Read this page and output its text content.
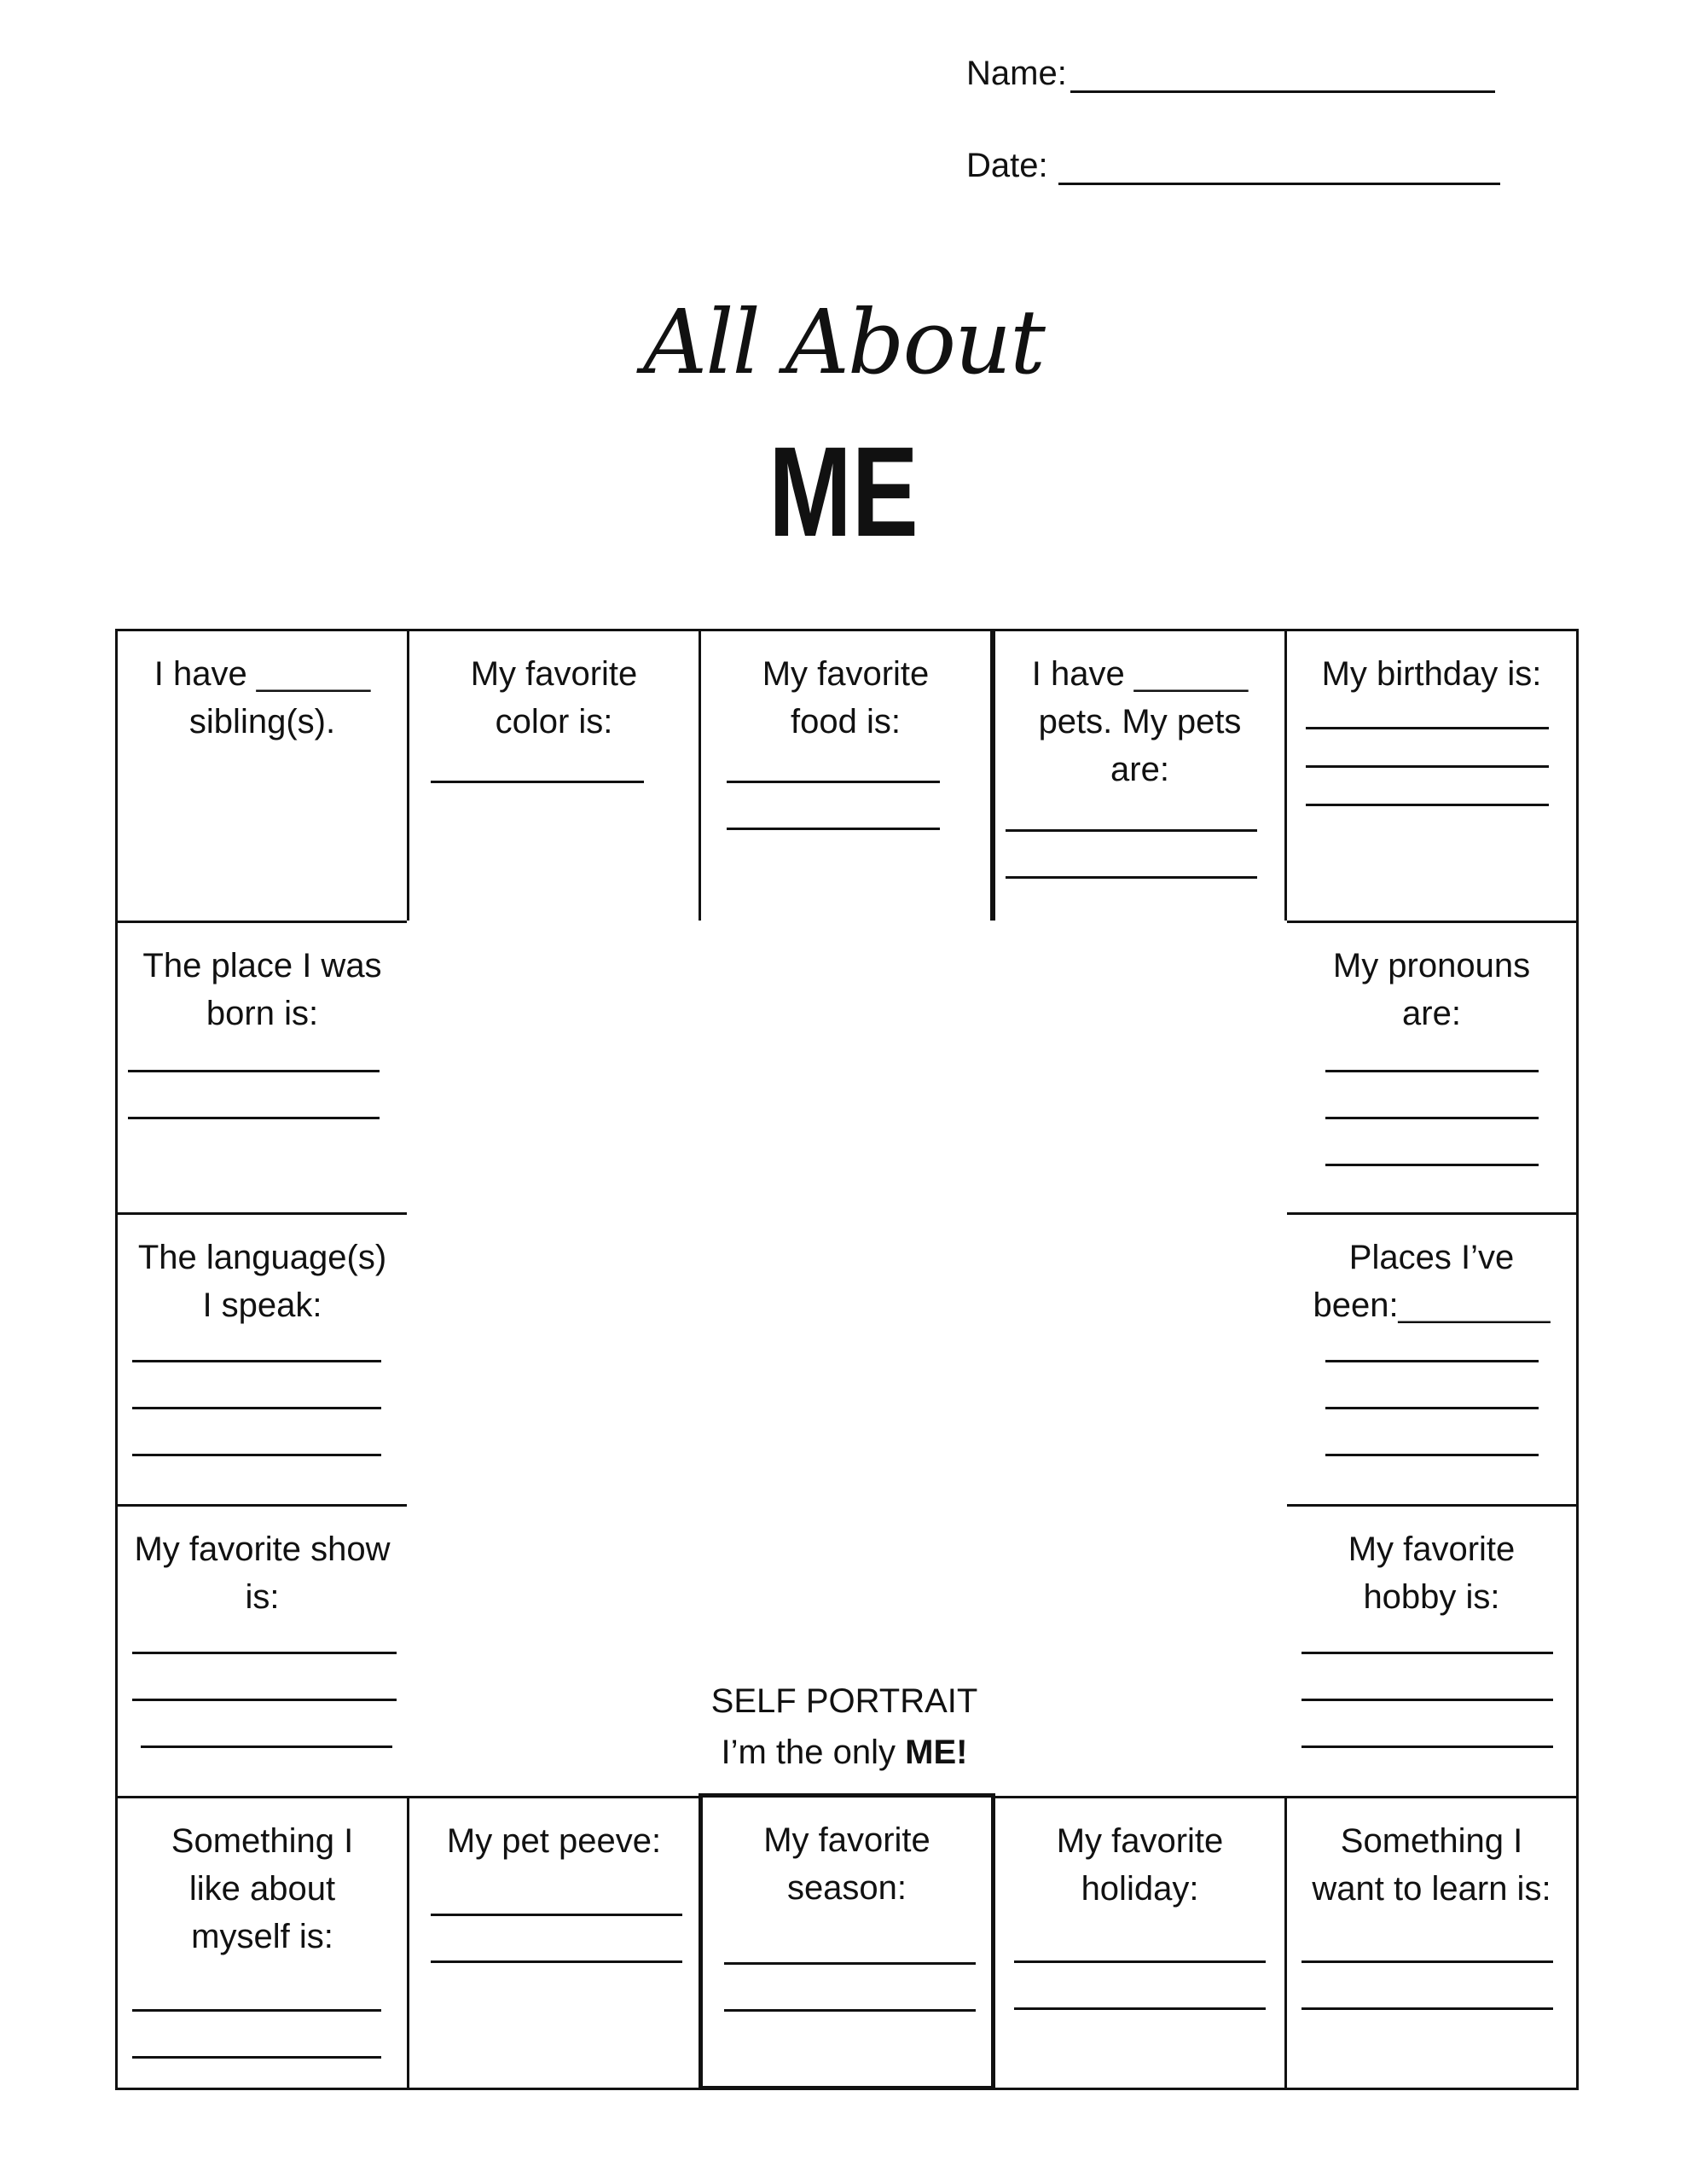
Name:
Date:
All About
ME
I have ______
sibling(s).
My favorite
color is:
My favorite
food is:
I have ______
pets. My pets
are:
My birthday is:
The place I was
born is:
The language(s)
I speak:
My favorite show
is:
My pronouns
are:
Places I’ve
been:________
My favorite
hobby is:
SELF PORTRAIT
I’m the only ME!
Something I
like about
myself is:
My pet peeve:	My favorite
season:
My favorite
holiday:
Something I
want to learn is:
